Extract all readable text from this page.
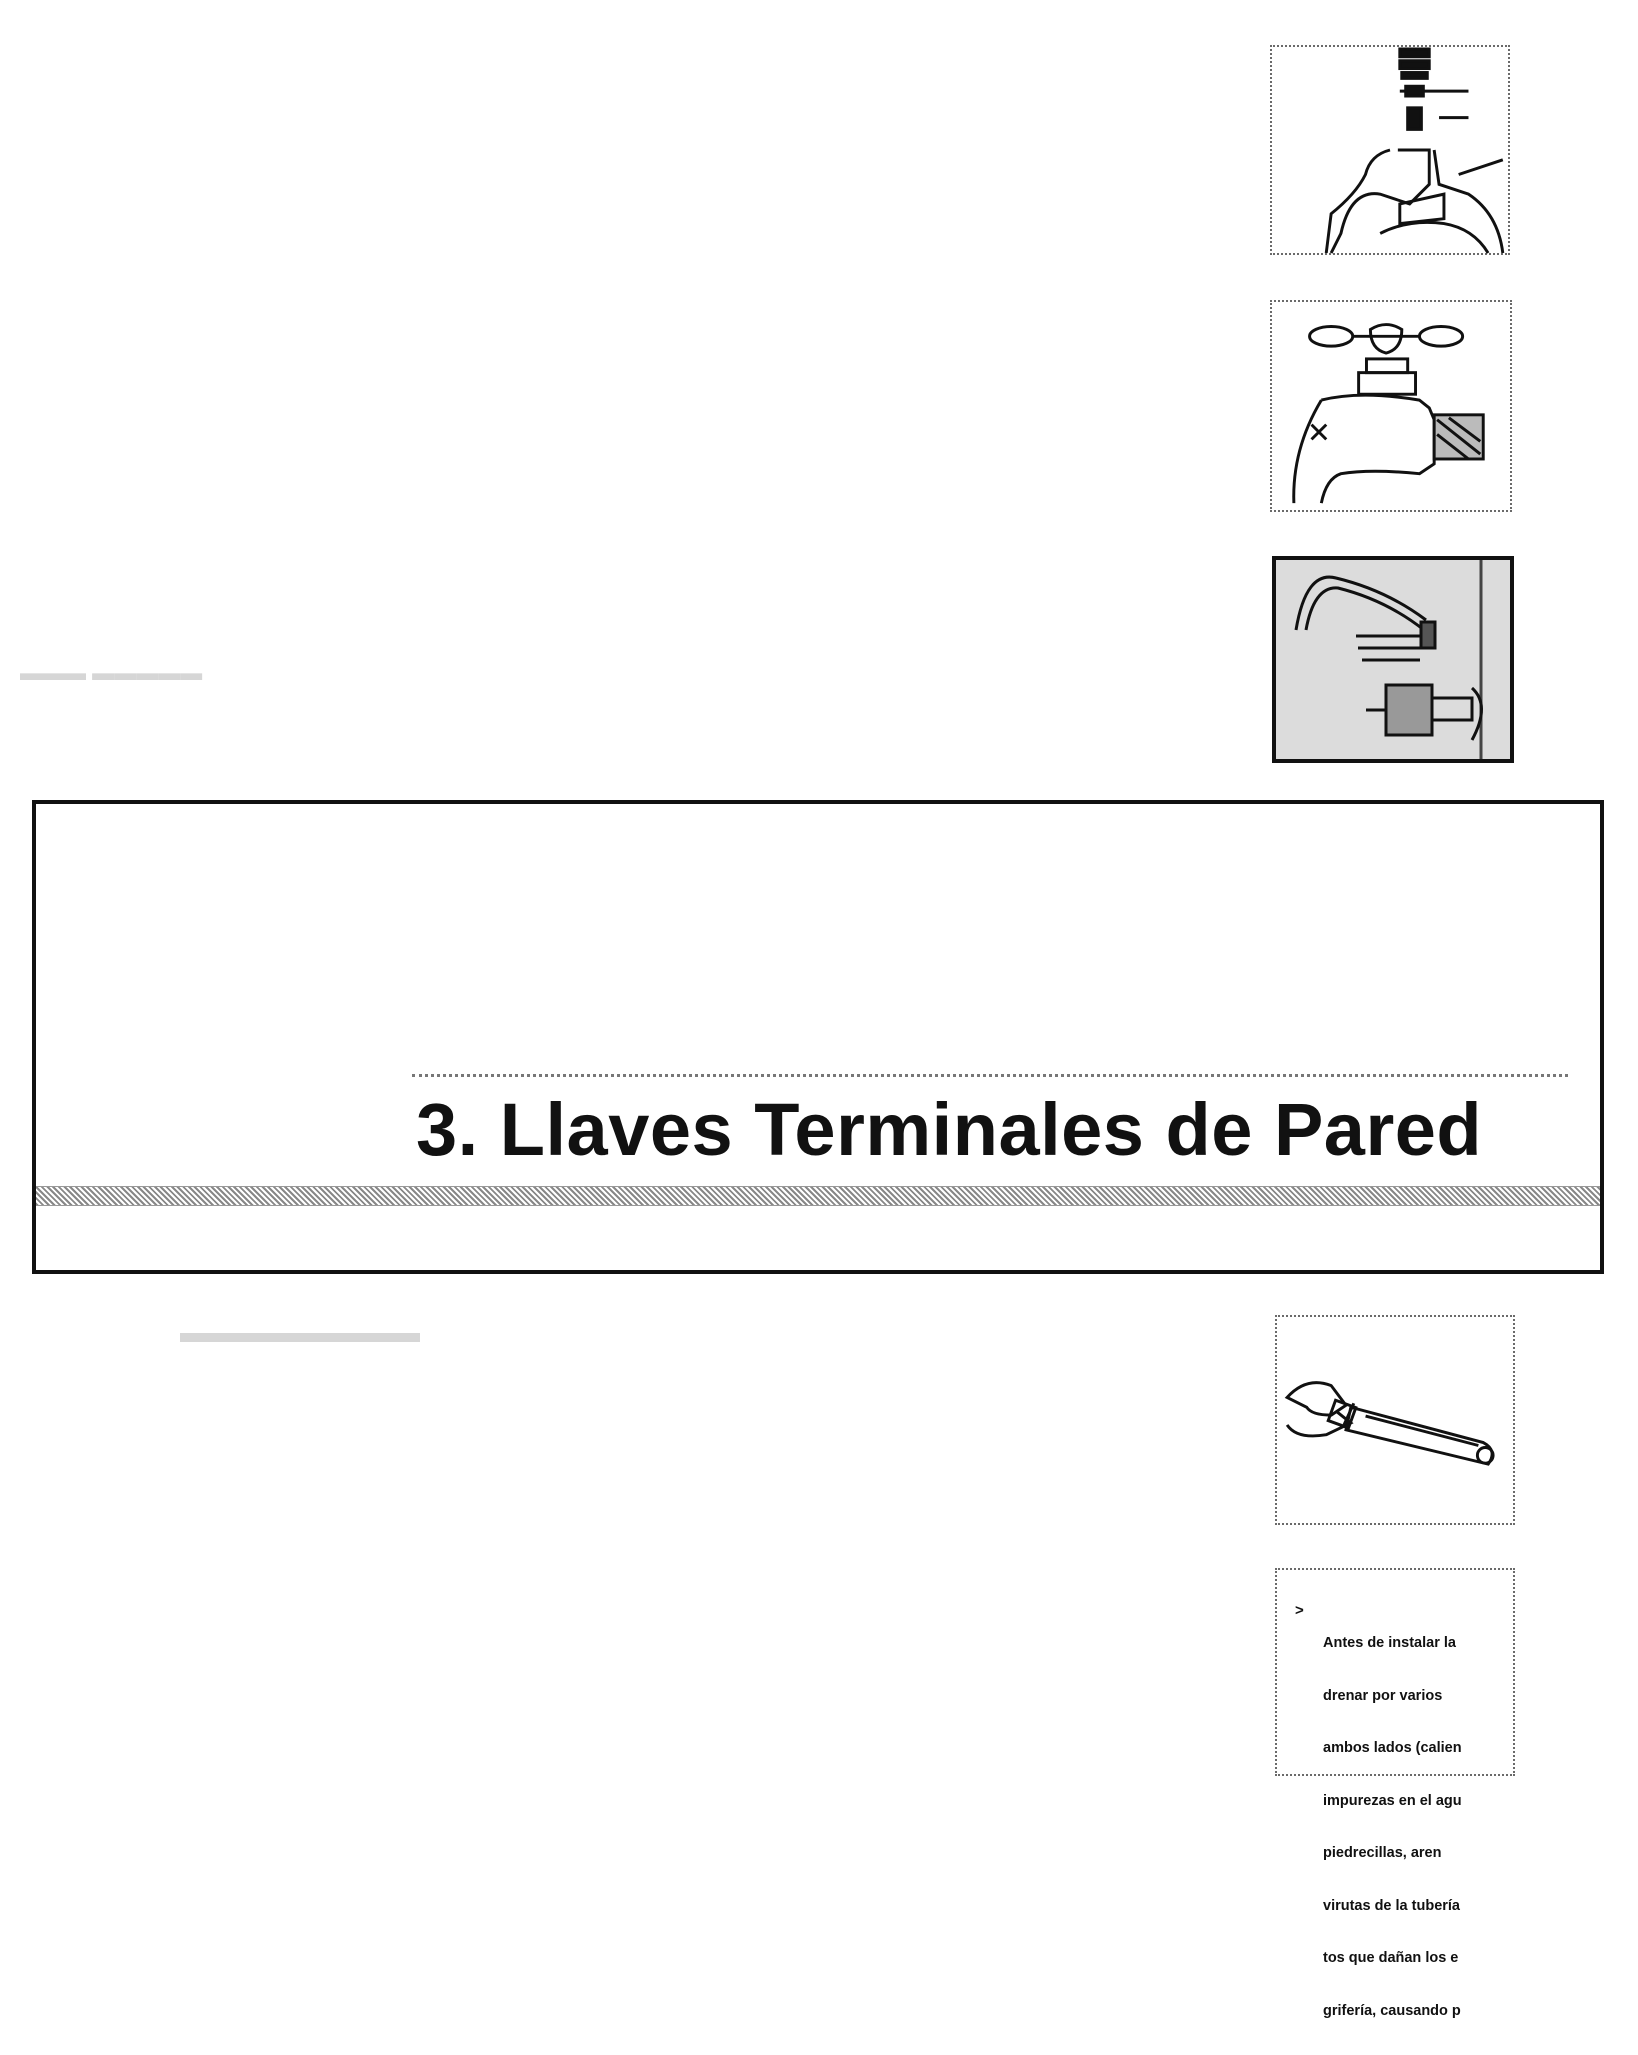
▬▬▬ ▬▬▬▬▬
▬▬▬▬▬▬▬▬
3. Llaves Terminales de Pared
>

Antes de instalar la

drenar por varios

ambos lados (calien

impurezas en el agu

piedrecillas, aren

virutas de la tubería

tos que dañan los e

grifería, causando p
